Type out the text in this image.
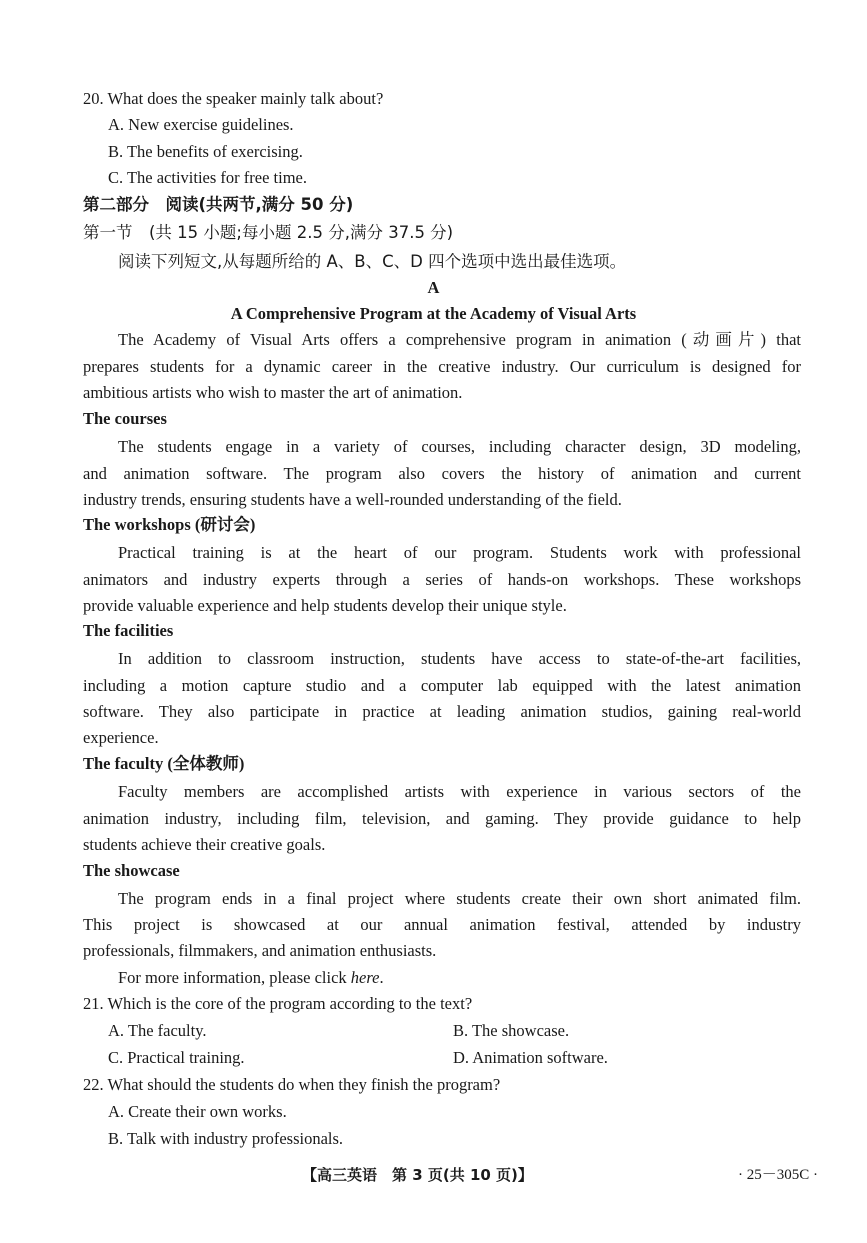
20. What does the speaker mainly talk about?
A. New exercise guidelines.
B. The benefits of exercising.
C. The activities for free time.
第二部分　阅读(共两节,满分 50 分)
第一节　(共 15 小题;每小题 2.5 分,满分 37.5 分)
阅读下列短文,从每题所给的 A、B、C、D 四个选项中选出最佳选项。
A
A Comprehensive Program at the Academy of Visual Arts
The Academy of Visual Arts offers a comprehensive program in animation (动画片) that
prepares students for a dynamic career in the creative industry. Our curriculum is designed for
ambitious artists who wish to master the art of animation.
The courses
The students engage in a variety of courses, including character design, 3D modeling,
and animation software. The program also covers the history of animation and current
industry trends, ensuring students have a well-rounded understanding of the field.
The workshops (研讨会)
Practical training is at the heart of our program. Students work with professional
animators and industry experts through a series of hands-on workshops. These workshops
provide valuable experience and help students develop their unique style.
The facilities
In addition to classroom instruction, students have access to state-of-the-art facilities,
including a motion capture studio and a computer lab equipped with the latest animation
software. They also participate in practice at leading animation studios, gaining real-world
experience.
The faculty (全体教师)
Faculty members are accomplished artists with experience in various sectors of the
animation industry, including film, television, and gaming. They provide guidance to help
students achieve their creative goals.
The showcase
The program ends in a final project where students create their own short animated film.
This project is showcased at our annual animation festival, attended by industry
professionals, filmmakers, and animation enthusiasts.
For more information, please click here.
21. Which is the core of the program according to the text?
A. The faculty.	B. The showcase.
C. Practical training.	D. Animation software.
22. What should the students do when they finish the program?
A. Create their own works.
B. Talk with industry professionals.
【高三英语　第 3 页(共 10 页)】	· 25－305C ·
